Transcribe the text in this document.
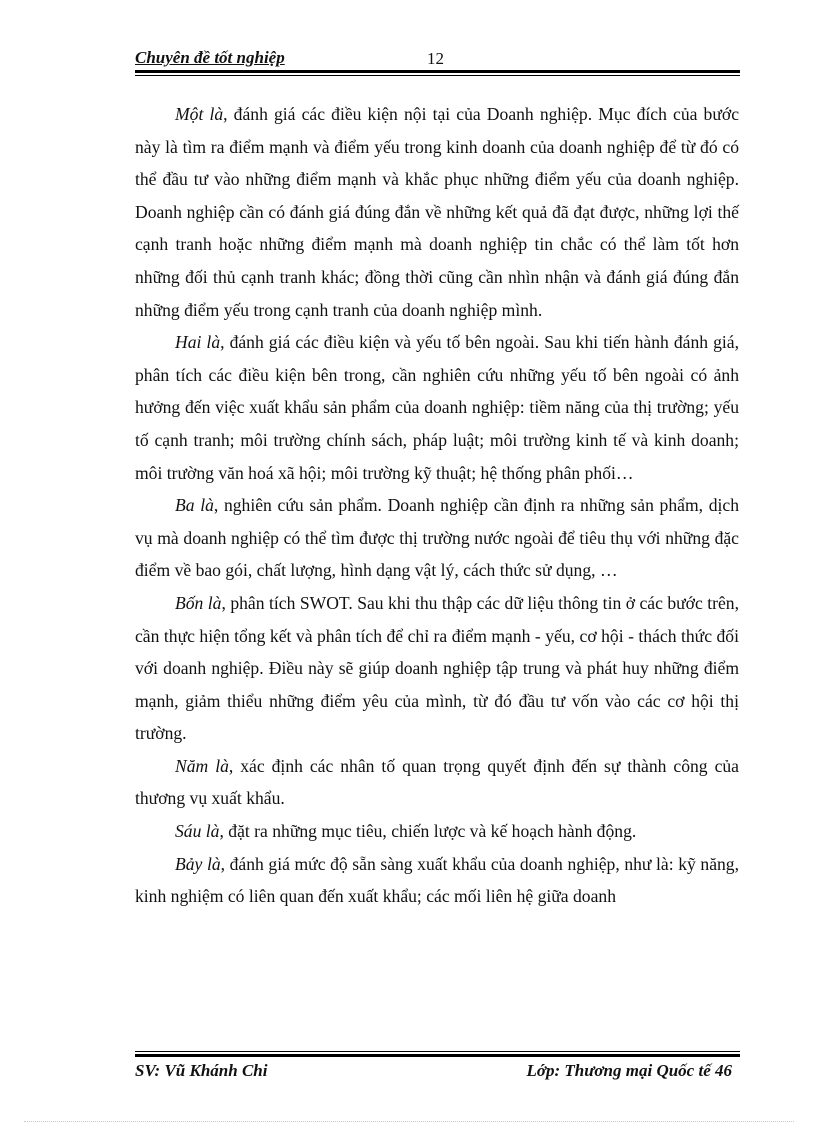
Chuyên đề tốt nghiệp	12

Một là, đánh giá các điều kiện nội tại của Doanh nghiệp. Mục đích của bước này là tìm ra điểm mạnh và điểm yếu trong kinh doanh của doanh nghiệp để từ đó có thể đầu tư vào những điểm mạnh và khắc phục những điểm yếu của doanh nghiệp. Doanh nghiệp cần có đánh giá đúng đắn về những kết quả đã đạt được, những lợi thế cạnh tranh hoặc những điểm mạnh mà doanh nghiệp tin chắc có thể làm tốt hơn những đối thủ cạnh tranh khác; đồng thời cũng cần nhìn nhận và đánh giá đúng đắn những điểm yếu trong cạnh tranh của doanh nghiệp mình.

Hai là, đánh giá các điều kiện và yếu tố bên ngoài. Sau khi tiến hành đánh giá, phân tích các điều kiện bên trong, cần nghiên cứu những yếu tố bên ngoài có ảnh hưởng đến việc xuất khẩu sản phẩm của doanh nghiệp: tiềm năng của thị trường; yếu tố cạnh tranh; môi trường chính sách, pháp luật; môi trường kinh tế và kinh doanh; môi trường văn hoá xã hội; môi trường kỹ thuật; hệ thống phân phối…

Ba là, nghiên cứu sản phẩm. Doanh nghiệp cần định ra những sản phẩm, dịch vụ mà doanh nghiệp có thể tìm được thị trường nước ngoài để tiêu thụ với những đặc điểm về bao gói, chất lượng, hình dạng vật lý, cách thức sử dụng, …

Bốn là, phân tích SWOT. Sau khi thu thập các dữ liệu thông tin ở các bước trên, cần thực hiện tổng kết và phân tích để chỉ ra điểm mạnh - yếu, cơ hội - thách thức đối với doanh nghiệp. Điều này sẽ giúp doanh nghiệp tập trung và phát huy những điểm mạnh, giảm thiểu những điểm yêu của mình, từ đó đầu tư vốn vào các cơ hội thị trường.

Năm là, xác định các nhân tố quan trọng quyết định đến sự thành công của thương vụ xuất khẩu.

Sáu là, đặt ra những mục tiêu, chiến lược và kế hoạch hành động.

Bảy là, đánh giá mức độ sẵn sàng xuất khẩu của doanh nghiệp, như là: kỹ năng, kinh nghiệm có liên quan đến xuất khẩu; các mối liên hệ giữa doanh

SV: Vũ Khánh Chi	Lớp: Thương mại Quốc tế 46
